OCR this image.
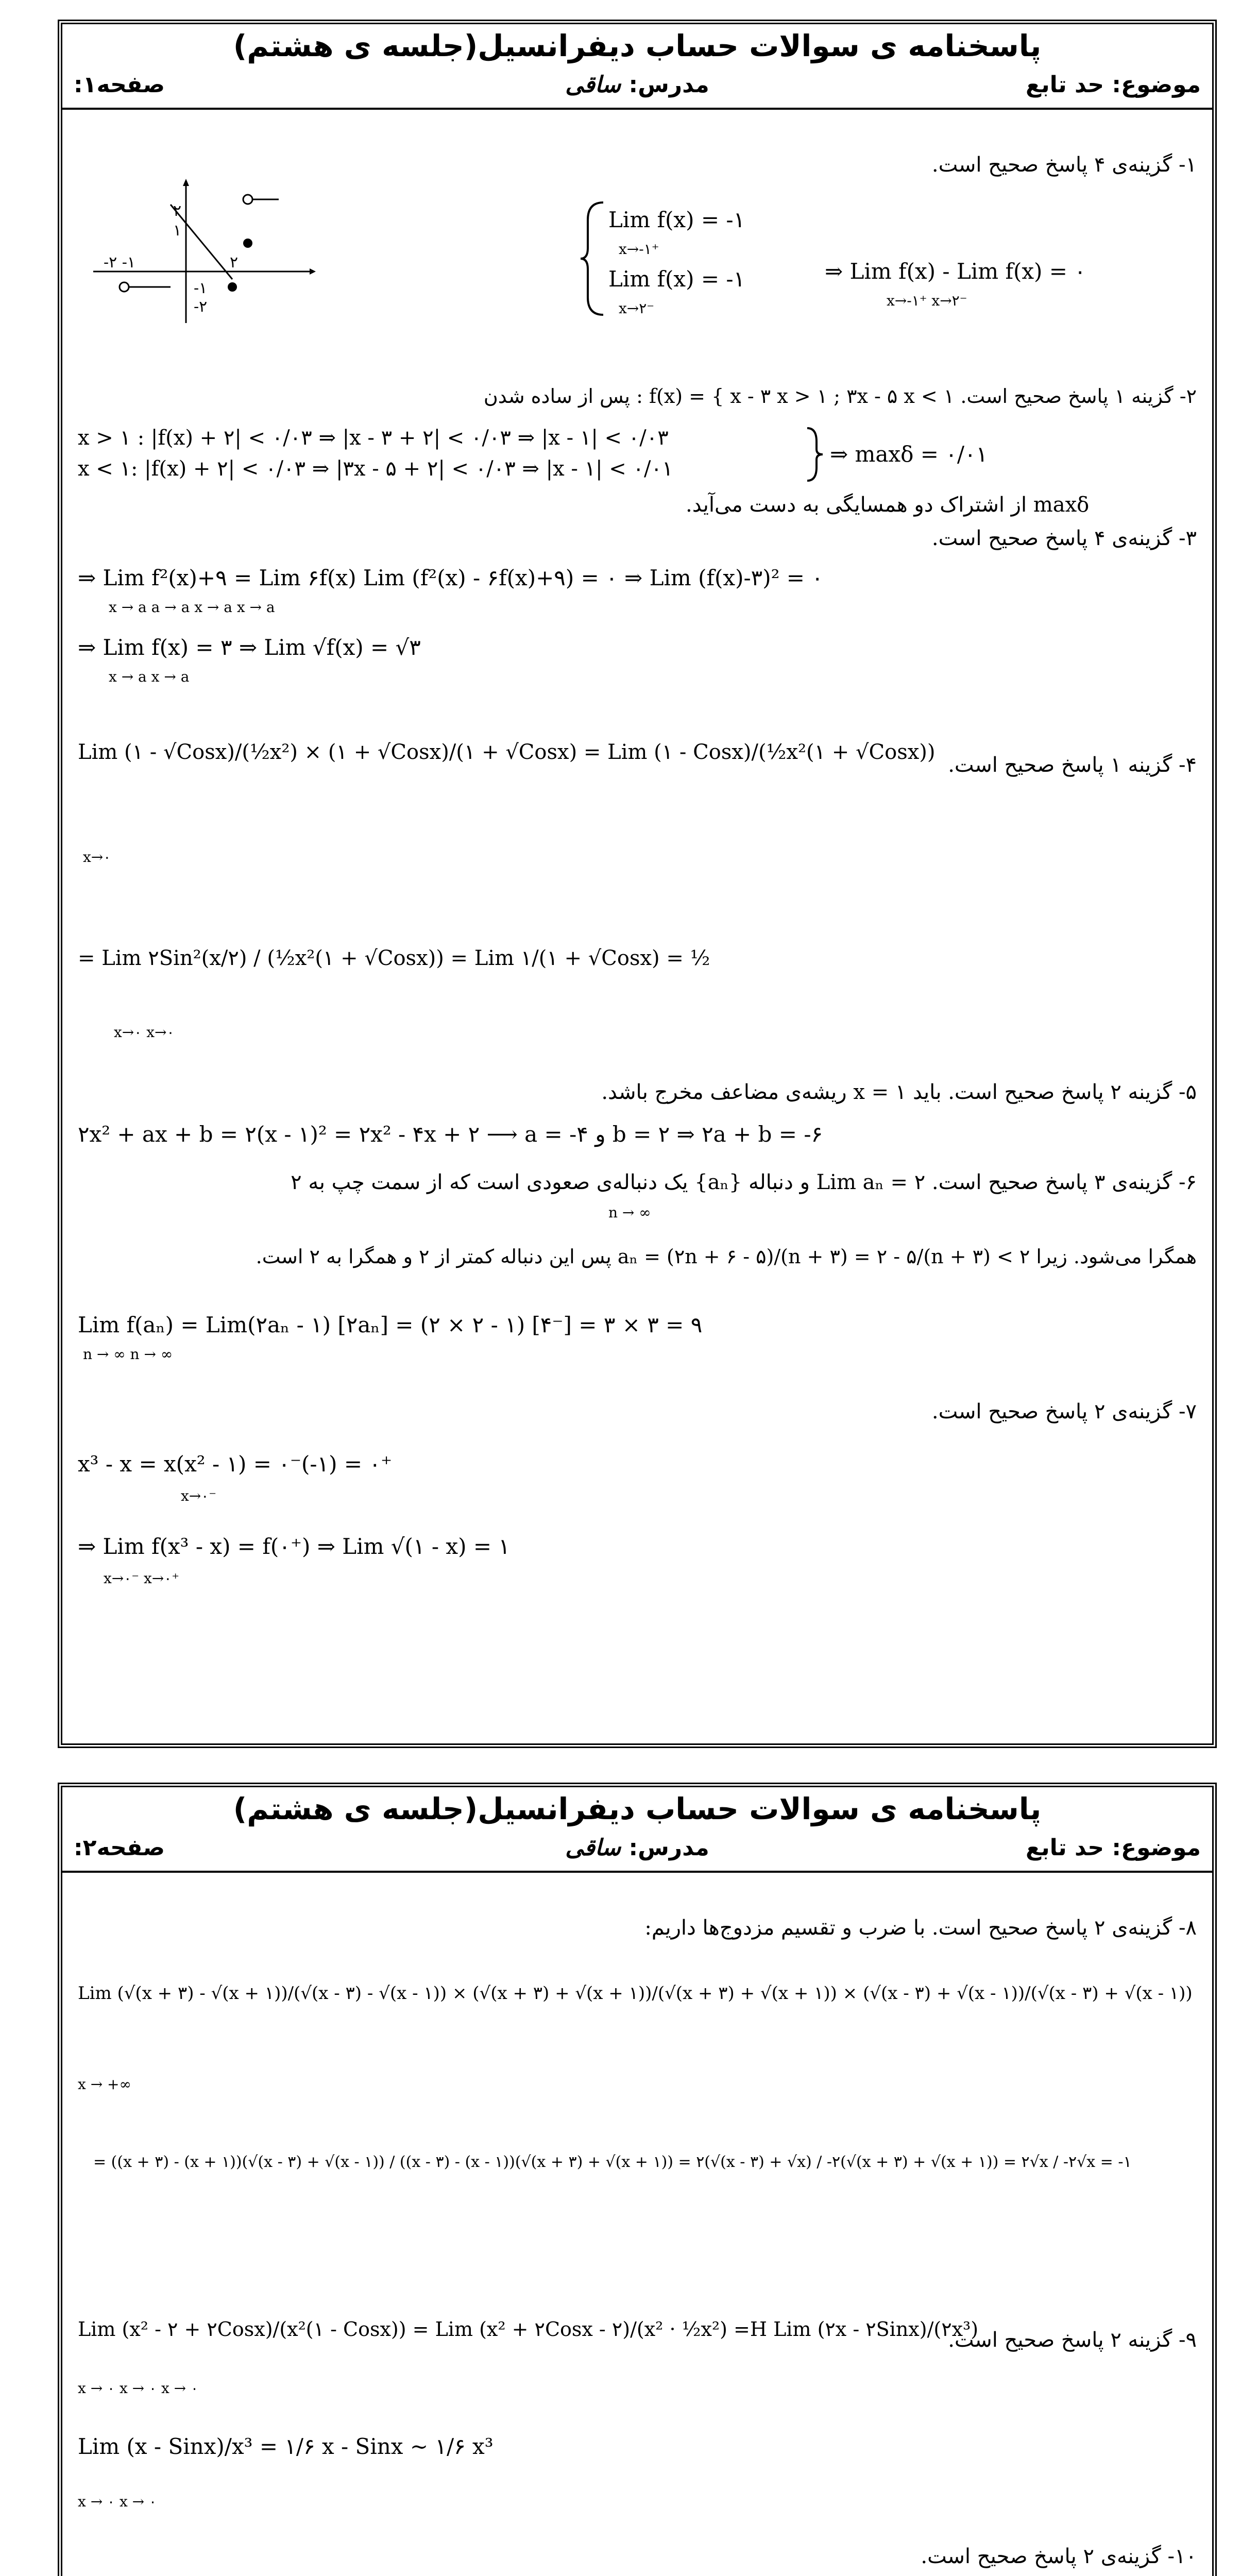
پاسخنامه ی سوالات حساب دیفرانسیل(جلسه ی هشتم)
موضوع: حد تابع
مدرس: ساقی
صفحه۱:
۱- گزینه‌ی ۴ پاسخ صحیح است.
۲
۱
-۲ -۱
-۱
-۲
۲
Lim f(x) = -۱
x→-۱⁺
Lim f(x) = -۱
x→۲⁻
⇒ Lim f(x) - Lim f(x) = ۰
x→-۱⁺ x→۲⁻
۲- گزینه ۱ پاسخ صحیح است. f(x) = { x - ۳ x > ۱ ; ۳x - ۵ x < ۱ : پس از ساده شدن
x > ۱ : |f(x) + ۲| < ۰/۰۳ ⇒ |x - ۳ + ۲| < ۰/۰۳ ⇒ |x - ۱| < ۰/۰۳
x < ۱: |f(x) + ۲| < ۰/۰۳ ⇒ |۳x - ۵ + ۲| < ۰/۰۳ ⇒ |x - ۱| < ۰/۰۱
⇒ maxδ = ۰/۰۱
maxδ از اشتراک دو همسایگی به دست می‌آید.
۳- گزینه‌ی ۴ پاسخ صحیح است.
⇒ Lim f²(x)+۹ = Lim ۶f(x) Lim (f²(x) - ۶f(x)+۹) = ۰ ⇒ Lim (f(x)-۳)² = ۰
x → a a → a x → a x → a
⇒ Lim f(x) = ۳ ⇒ Lim √f(x) = √۳
x → a x → a
۴- گزینه ۱ پاسخ صحیح است.
Lim (۱ - √Cosx)/(½x²) × (۱ + √Cosx)/(۱ + √Cosx) = Lim (۱ - Cosx)/(½x²(۱ + √Cosx))
x→۰
= Lim ۲Sin²(x/۲) / (½x²(۱ + √Cosx)) = Lim ۱/(۱ + √Cosx) = ½
x→۰ x→۰
۵- گزینه ۲ پاسخ صحیح است. باید x = ۱ ریشه‌ی مضاعف مخرج باشد.
۲x² + ax + b = ۲(x - ۱)² = ۲x² - ۴x + ۲ ⟶ a = -۴ و b = ۲ ⇒ ۲a + b = -۶
۶- گزینه‌ی ۳ پاسخ صحیح است. Lim aₙ = ۲ و دنباله {aₙ} یک دنباله‌ی صعودی است که از سمت چپ به ۲
n → ∞
همگرا می‌شود. زیرا ۲ > aₙ = (۲n + ۶ - ۵)/(n + ۳) = ۲ - ۵/(n + ۳) پس این دنباله کمتر از ۲ و همگرا به ۲ است.
Lim f(aₙ) = Lim(۲aₙ - ۱) [۲aₙ] = (۲ × ۲ - ۱) [۴⁻] = ۳ × ۳ = ۹
n → ∞ n → ∞
۷- گزینه‌ی ۲ پاسخ صحیح است.
x³ - x = x(x² - ۱) = ۰⁻(-۱) = ۰⁺
x→۰⁻
⇒ Lim f(x³ - x) = f(۰⁺) ⇒ Lim √(۱ - x) = ۱
x→۰⁻ x→۰⁺
پاسخنامه ی سوالات حساب دیفرانسیل(جلسه ی هشتم)
موضوع: حد تابع
مدرس: ساقی
صفحه۲:
۸- گزینه‌ی ۲ پاسخ صحیح است. با ضرب و تقسیم مزدوج‌ها داریم:
Lim (√(x + ۳) - √(x + ۱))/(√(x - ۳) - √(x - ۱)) × (√(x + ۳) + √(x + ۱))/(√(x + ۳) + √(x + ۱)) × (√(x - ۳) + √(x - ۱))/(√(x - ۳) + √(x - ۱))
x → +∞
= ((x + ۳) - (x + ۱))(√(x - ۳) + √(x - ۱)) / ((x - ۳) - (x - ۱))(√(x + ۳) + √(x + ۱)) = ۲(√(x - ۳) + √x) / -۲(√(x + ۳) + √(x + ۱)) = ۲√x / -۲√x = -۱
۹- گزینه ۲ پاسخ صحیح است.
Lim (x² - ۲ + ۲Cosx)/(x²(۱ - Cosx)) = Lim (x² + ۲Cosx - ۲)/(x² · ½x²) =H Lim (۲x - ۲Sinx)/(۲x³)
x → ۰ x → ۰ x → ۰
Lim (x - Sinx)/x³ = ۱/۶ x - Sinx ~ ۱/۶ x³
x → ۰ x → ۰
۱۰- گزینه‌ی ۲ پاسخ صحیح است.
